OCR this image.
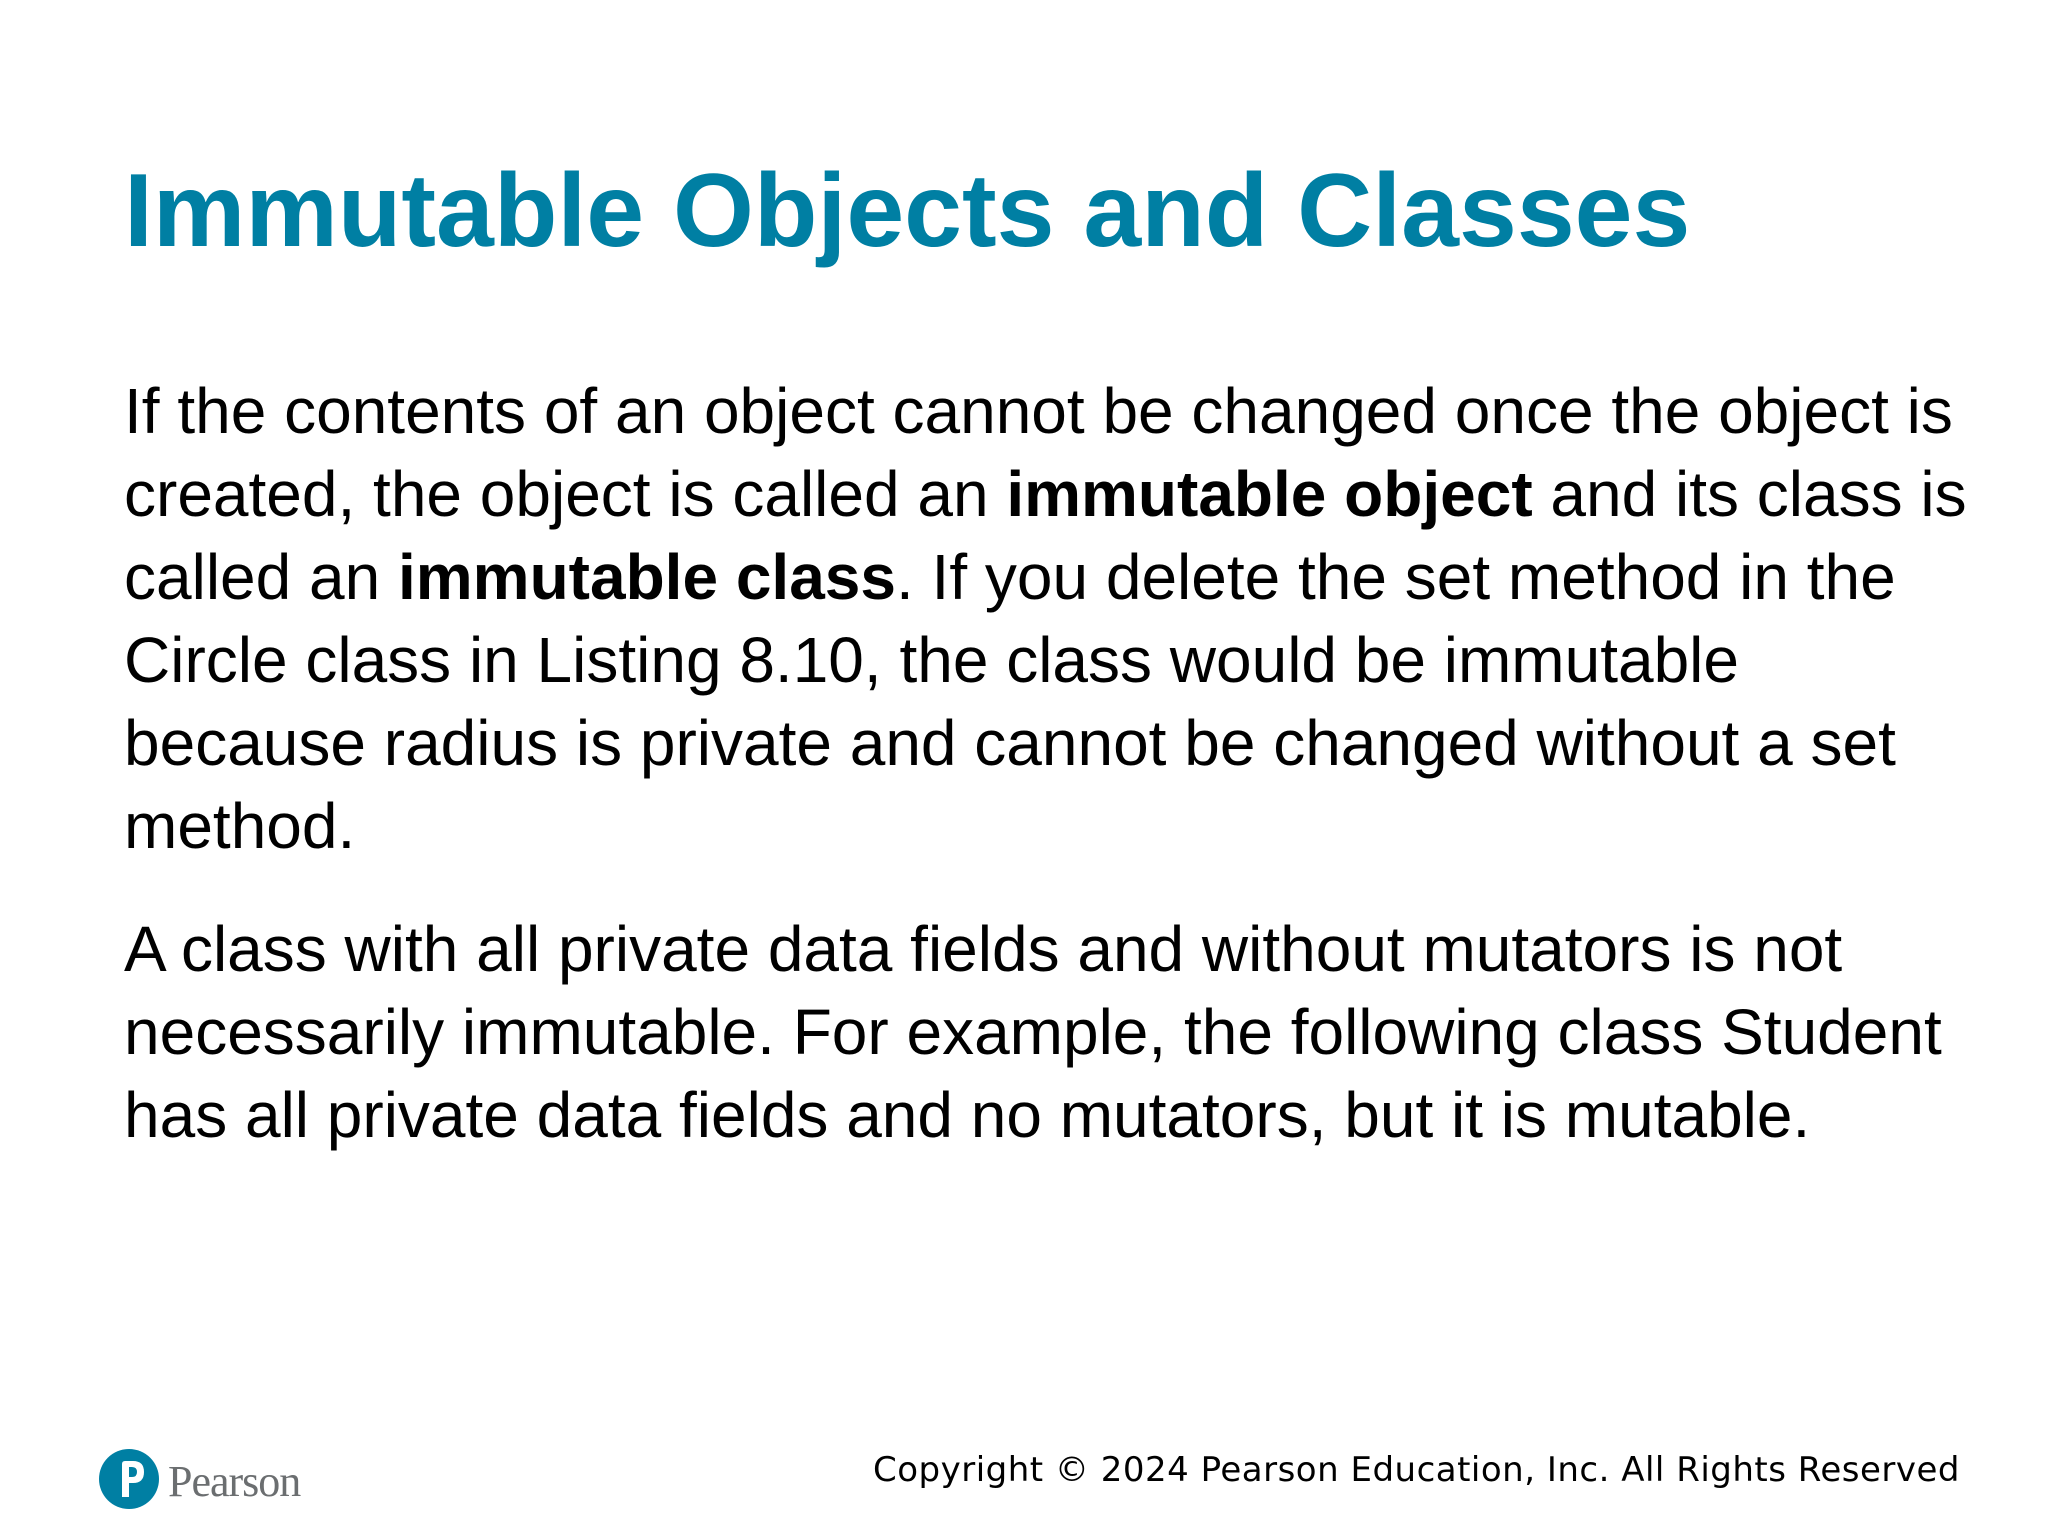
Immutable Objects and Classes

If the contents of an object cannot be changed once the object is created, the object is called an immutable object and its class is called an immutable class. If you delete the set method in the Circle class in Listing 8.10, the class would be immutable because radius is private and cannot be changed without a set method.

A class with all private data fields and without mutators is not necessarily immutable. For example, the following class Student has all private data fields and no mutators, but it is mutable.

Pearson	Copyright © 2024 Pearson Education, Inc. All Rights Reserved
